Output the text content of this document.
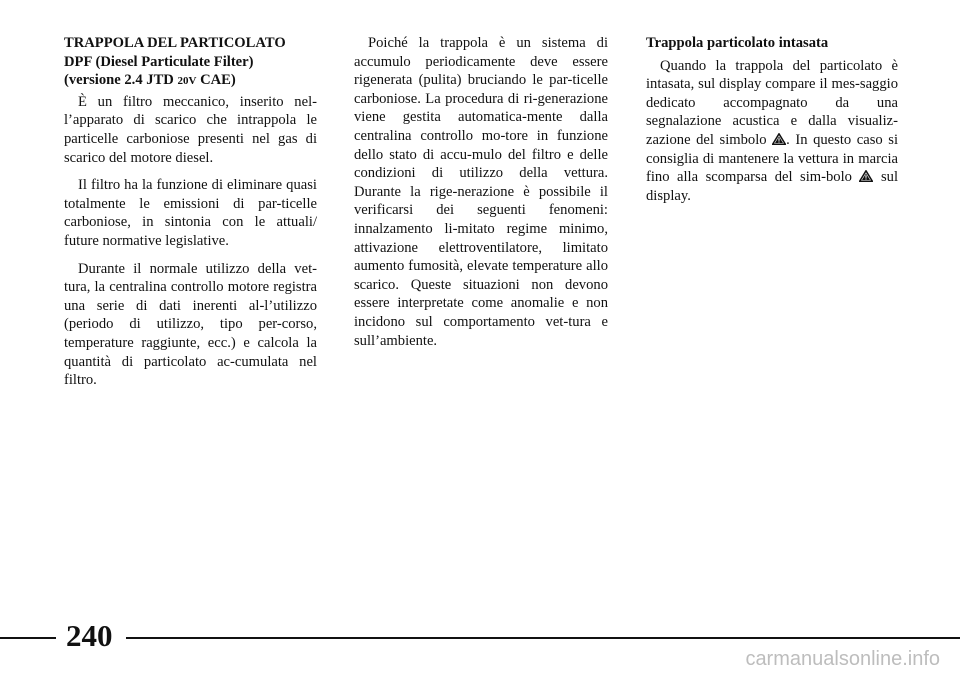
TRAPPOLA DEL PARTICOLATO

DPF (Diesel Particulate Filter)

(versione 2.4 JTD 20V CAE)

È un filtro meccanico, inserito nel-l’apparato di scarico che intrappola le particelle carboniose presenti nel gas di scarico del motore diesel.

Il filtro ha la funzione di eliminare quasi totalmente le emissioni di par-ticelle carboniose, in sintonia con le attuali/ future normative legislative.

Durante il normale utilizzo della vet-tura, la centralina controllo motore registra una serie di dati inerenti al-l’utilizzo (periodo di utilizzo, tipo per-corso, temperature raggiunte, ecc.) e calcola la quantità di particolato ac-cumulata nel filtro.

Poiché la trappola è un sistema di accumulo periodicamente deve essere rigenerata (pulita) bruciando le par-ticelle carboniose. La procedura di ri-generazione viene gestita automatica-mente dalla centralina controllo mo-tore in funzione dello stato di accu-mulo del filtro e delle condizioni di utilizzo della vettura. Durante la rige-nerazione è possibile il verificarsi dei seguenti fenomeni: innalzamento li-mitato regime minimo, attivazione elettroventilatore, limitato aumento fumosità, elevate temperature allo scarico. Queste situazioni non devono essere interpretate come anomalie e non incidono sul comportamento vet-tura e sull’ambiente.

Trappola particolato intasata

Quando la trappola del particolato è intasata, sul display compare il mes-saggio dedicato accompagnato da una segnalazione acustica e dalla visualiz-zazione del simbolo . In questo caso si consiglia di mantenere la vettura in marcia fino alla scomparsa del sim-bolo  sul display.

240
carmanualsonline.info
